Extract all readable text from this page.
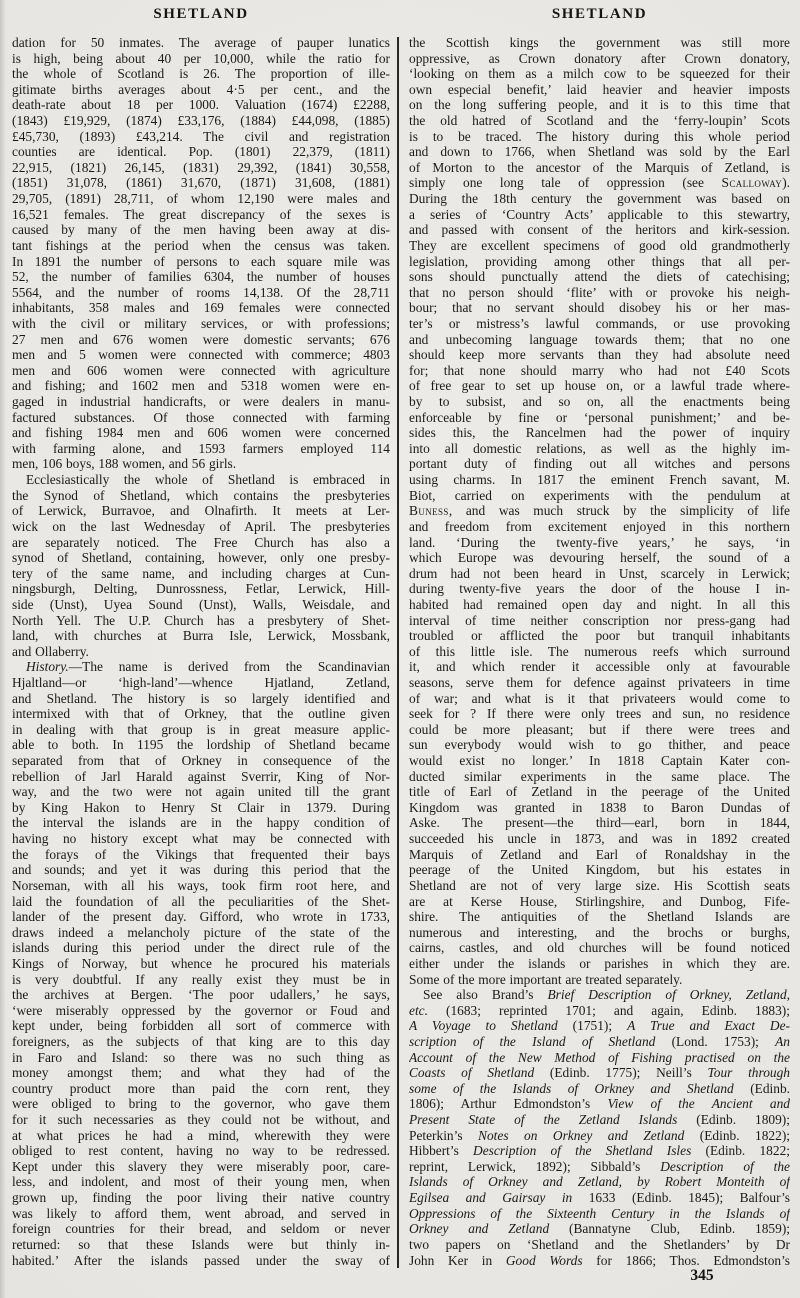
SHETLAND	SHETLAND
dation for 50 inmates. The average of pauper lunatics
is high, being about 40 per 10,000, while the ratio for
the whole of Scotland is 26. The proportion of ille-
gitimate births averages about 4·5 per cent., and the
death-rate about 18 per 1000. Valuation (1674) £2288,
(1843) £19,929, (1874) £33,176, (1884) £44,098, (1885)
£45,730, (1893) £43,214. The civil and registration
counties are identical. Pop. (1801) 22,379, (1811)
22,915, (1821) 26,145, (1831) 29,392, (1841) 30,558,
(1851) 31,078, (1861) 31,670, (1871) 31,608, (1881)
29,705, (1891) 28,711, of whom 12,190 were males and
16,521 females. The great discrepancy of the sexes is
caused by many of the men having been away at dis-
tant fishings at the period when the census was taken.
In 1891 the number of persons to each square mile was
52, the number of families 6304, the number of houses
5564, and the number of rooms 14,138. Of the 28,711
inhabitants, 358 males and 169 females were connected
with the civil or military services, or with professions;
27 men and 676 women were domestic servants; 676
men and 5 women were connected with commerce; 4803
men and 606 women were connected with agriculture
and fishing; and 1602 men and 5318 women were en-
gaged in industrial handicrafts, or were dealers in manu-
factured substances. Of those connected with farming
and fishing 1984 men and 606 women were concerned
with farming alone, and 1593 farmers employed 114
men, 106 boys, 188 women, and 56 girls.
Ecclesiastically the whole of Shetland is embraced in
the Synod of Shetland, which contains the presbyteries
of Lerwick, Burravoe, and Olnafirth. It meets at Ler-
wick on the last Wednesday of April. The presbyteries
are separately noticed. The Free Church has also a
synod of Shetland, containing, however, only one presby-
tery of the same name, and including charges at Cun-
ningsburgh, Delting, Dunrossness, Fetlar, Lerwick, Hill-
side (Unst), Uyea Sound (Unst), Walls, Weisdale, and
North Yell. The U.P. Church has a presbytery of Shet-
land, with churches at Burra Isle, Lerwick, Mossbank,
and Ollaberry.
History.—The name is derived from the Scandinavian
Hjaltland—or ‘high-land’—whence Hjatland, Zetland,
and Shetland. The history is so largely identified and
intermixed with that of Orkney, that the outline given
in dealing with that group is in great measure applic-
able to both. In 1195 the lordship of Shetland became
separated from that of Orkney in consequence of the
rebellion of Jarl Harald against Sverrir, King of Nor-
way, and the two were not again united till the grant
by King Hakon to Henry St Clair in 1379. During
the interval the islands are in the happy condition of
having no history except what may be connected with
the forays of the Vikings that frequented their bays
and sounds; and yet it was during this period that the
Norseman, with all his ways, took firm root here, and
laid the foundation of all the peculiarities of the Shet-
lander of the present day. Gifford, who wrote in 1733,
draws indeed a melancholy picture of the state of the
islands during this period under the direct rule of the
Kings of Norway, but whence he procured his materials
is very doubtful. If any really exist they must be in
the archives at Bergen. ‘The poor udallers,’ he says,
‘were miserably oppressed by the governor or Foud and
kept under, being forbidden all sort of commerce with
foreigners, as the subjects of that king are to this day
in Faro and Island: so there was no such thing as
money amongst them; and what they had of the
country product more than paid the corn rent, they
were obliged to bring to the governor, who gave them
for it such necessaries as they could not be without, and
at what prices he had a mind, wherewith they were
obliged to rest content, having no way to be redressed.
Kept under this slavery they were miserably poor, care-
less, and indolent, and most of their young men, when
grown up, finding the poor living their native country
was likely to afford them, went abroad, and served in
foreign countries for their bread, and seldom or never
returned: so that these Islands were but thinly in-
habited.’ After the islands passed under the sway of
the Scottish kings the government was still more
oppressive, as Crown donatory after Crown donatory,
‘looking on them as a milch cow to be squeezed for their
own especial benefit,’ laid heavier and heavier imposts
on the long suffering people, and it is to this time that
the old hatred of Scotland and the ‘ferry-loupin’ Scots
is to be traced. The history during this whole period
and down to 1766, when Shetland was sold by the Earl
of Morton to the ancestor of the Marquis of Zetland, is
simply one long tale of oppression (see Scalloway).
During the 18th century the government was based on
a series of ‘Country Acts’ applicable to this stewartry,
and passed with consent of the heritors and kirk-session.
They are excellent specimens of good old grandmotherly
legislation, providing among other things that all per-
sons should punctually attend the diets of catechising;
that no person should ‘flite’ with or provoke his neigh-
bour; that no servant should disobey his or her mas-
ter’s or mistress’s lawful commands, or use provoking
and unbecoming language towards them; that no one
should keep more servants than they had absolute need
for; that none should marry who had not £40 Scots
of free gear to set up house on, or a lawful trade where-
by to subsist, and so on, all the enactments being
enforceable by fine or ‘personal punishment;’ and be-
sides this, the Rancelmen had the power of inquiry
into all domestic relations, as well as the highly im-
portant duty of finding out all witches and persons
using charms. In 1817 the eminent French savant, M.
Biot, carried on experiments with the pendulum at
Buness, and was much struck by the simplicity of life
and freedom from excitement enjoyed in this northern
land. ‘During the twenty-five years,’ he says, ‘in
which Europe was devouring herself, the sound of a
drum had not been heard in Unst, scarcely in Lerwick;
during twenty-five years the door of the house I in-
habited had remained open day and night. In all this
interval of time neither conscription nor press-gang had
troubled or afflicted the poor but tranquil inhabitants
of this little isle. The numerous reefs which surround
it, and which render it accessible only at favourable
seasons, serve them for defence against privateers in time
of war; and what is it that privateers would come to
seek for ? If there were only trees and sun, no residence
could be more pleasant; but if there were trees and
sun everybody would wish to go thither, and peace
would exist no longer.’ In 1818 Captain Kater con-
ducted similar experiments in the same place. The
title of Earl of Zetland in the peerage of the United
Kingdom was granted in 1838 to Baron Dundas of
Aske. The present—the third—earl, born in 1844,
succeeded his uncle in 1873, and was in 1892 created
Marquis of Zetland and Earl of Ronaldshay in the
peerage of the United Kingdom, but his estates in
Shetland are not of very large size. His Scottish seats
are at Kerse House, Stirlingshire, and Dunbog, Fife-
shire. The antiquities of the Shetland Islands are
numerous and interesting, and the brochs or burghs,
cairns, castles, and old churches will be found noticed
either under the islands or parishes in which they are.
Some of the more important are treated separately.
See also Brand’s Brief Description of Orkney, Zetland,
etc. (1683; reprinted 1701; and again, Edinb. 1883);
A Voyage to Shetland (1751); A True and Exact De-
scription of the Island of Shetland (Lond. 1753); An
Account of the New Method of Fishing practised on the
Coasts of Shetland (Edinb. 1775); Neill’s Tour through
some of the Islands of Orkney and Shetland (Edinb.
1806); Arthur Edmondston’s View of the Ancient and
Present State of the Zetland Islands (Edinb. 1809);
Peterkin’s Notes on Orkney and Zetland (Edinb. 1822);
Hibbert’s Description of the Shetland Isles (Edinb. 1822;
reprint, Lerwick, 1892); Sibbald’s Description of the
Islands of Orkney and Zetland, by Robert Monteith of
Egilsea and Gairsay in 1633 (Edinb. 1845); Balfour’s
Oppressions of the Sixteenth Century in the Islands of
Orkney and Zetland (Bannatyne Club, Edinb. 1859);
two papers on ‘Shetland and the Shetlanders’ by Dr
John Ker in Good Words for 1866; Thos. Edmondston’s
345
